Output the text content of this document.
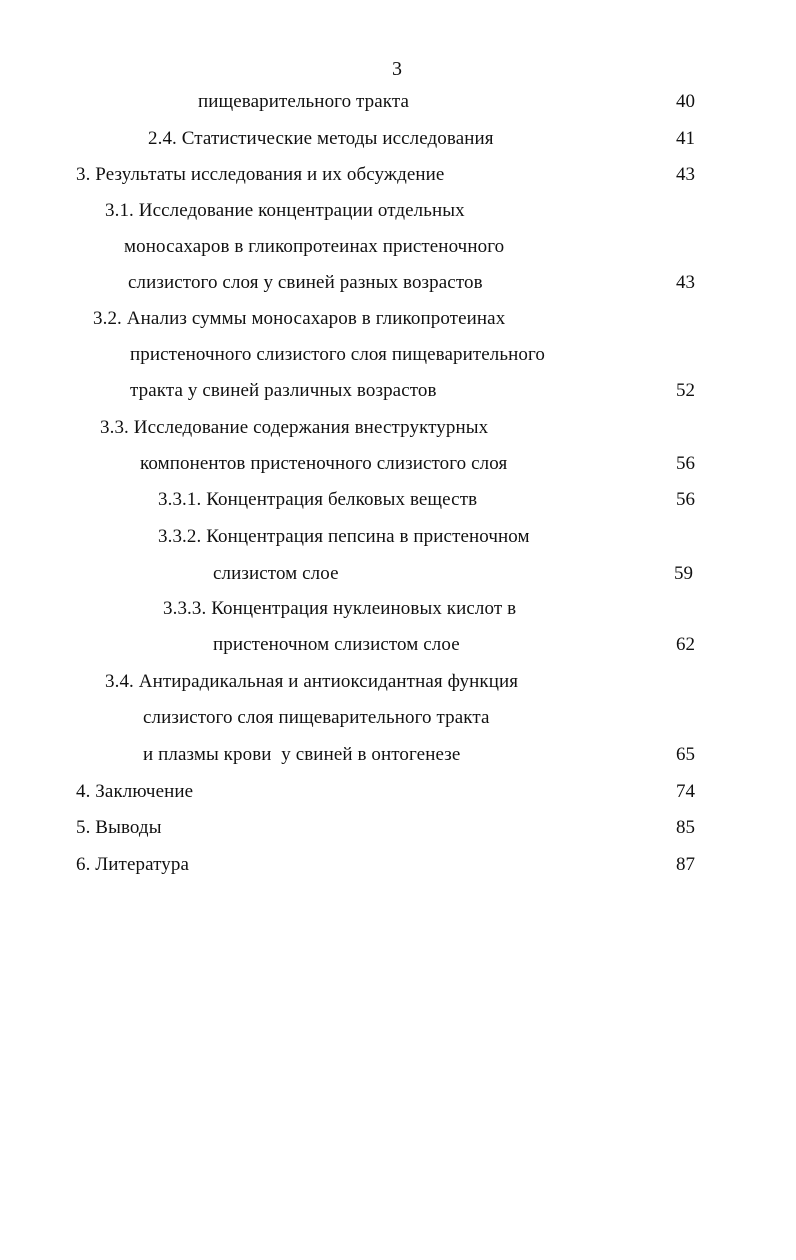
3
пищеварительного тракта	40
2.4. Статистические методы исследования	41
3. Результаты исследования и их обсуждение	43
3.1. Исследование концентрации отдельных
моносахаров в гликопротеинах пристеночного
слизистого слоя у свиней разных возрастов	43
3.2. Анализ суммы моносахаров в гликопротеинах
пристеночного слизистого слоя пищеварительного
тракта у свиней различных возрастов	52
3.3. Исследование содержания внеструктурных
компонентов пристеночного слизистого слоя	56
3.3.1. Концентрация белковых веществ	56
3.3.2. Концентрация пепсина в пристеночном
слизистом слое	59
3.3.3. Концентрация нуклеиновых кислот в
пристеночном слизистом слое	62
3.4. Антирадикальная и антиоксидантная функция
слизистого слоя пищеварительного тракта
и плазмы крови  у свиней в онтогенезе	65
4. Заключение	74
5. Выводы	85
6. Литература	87
